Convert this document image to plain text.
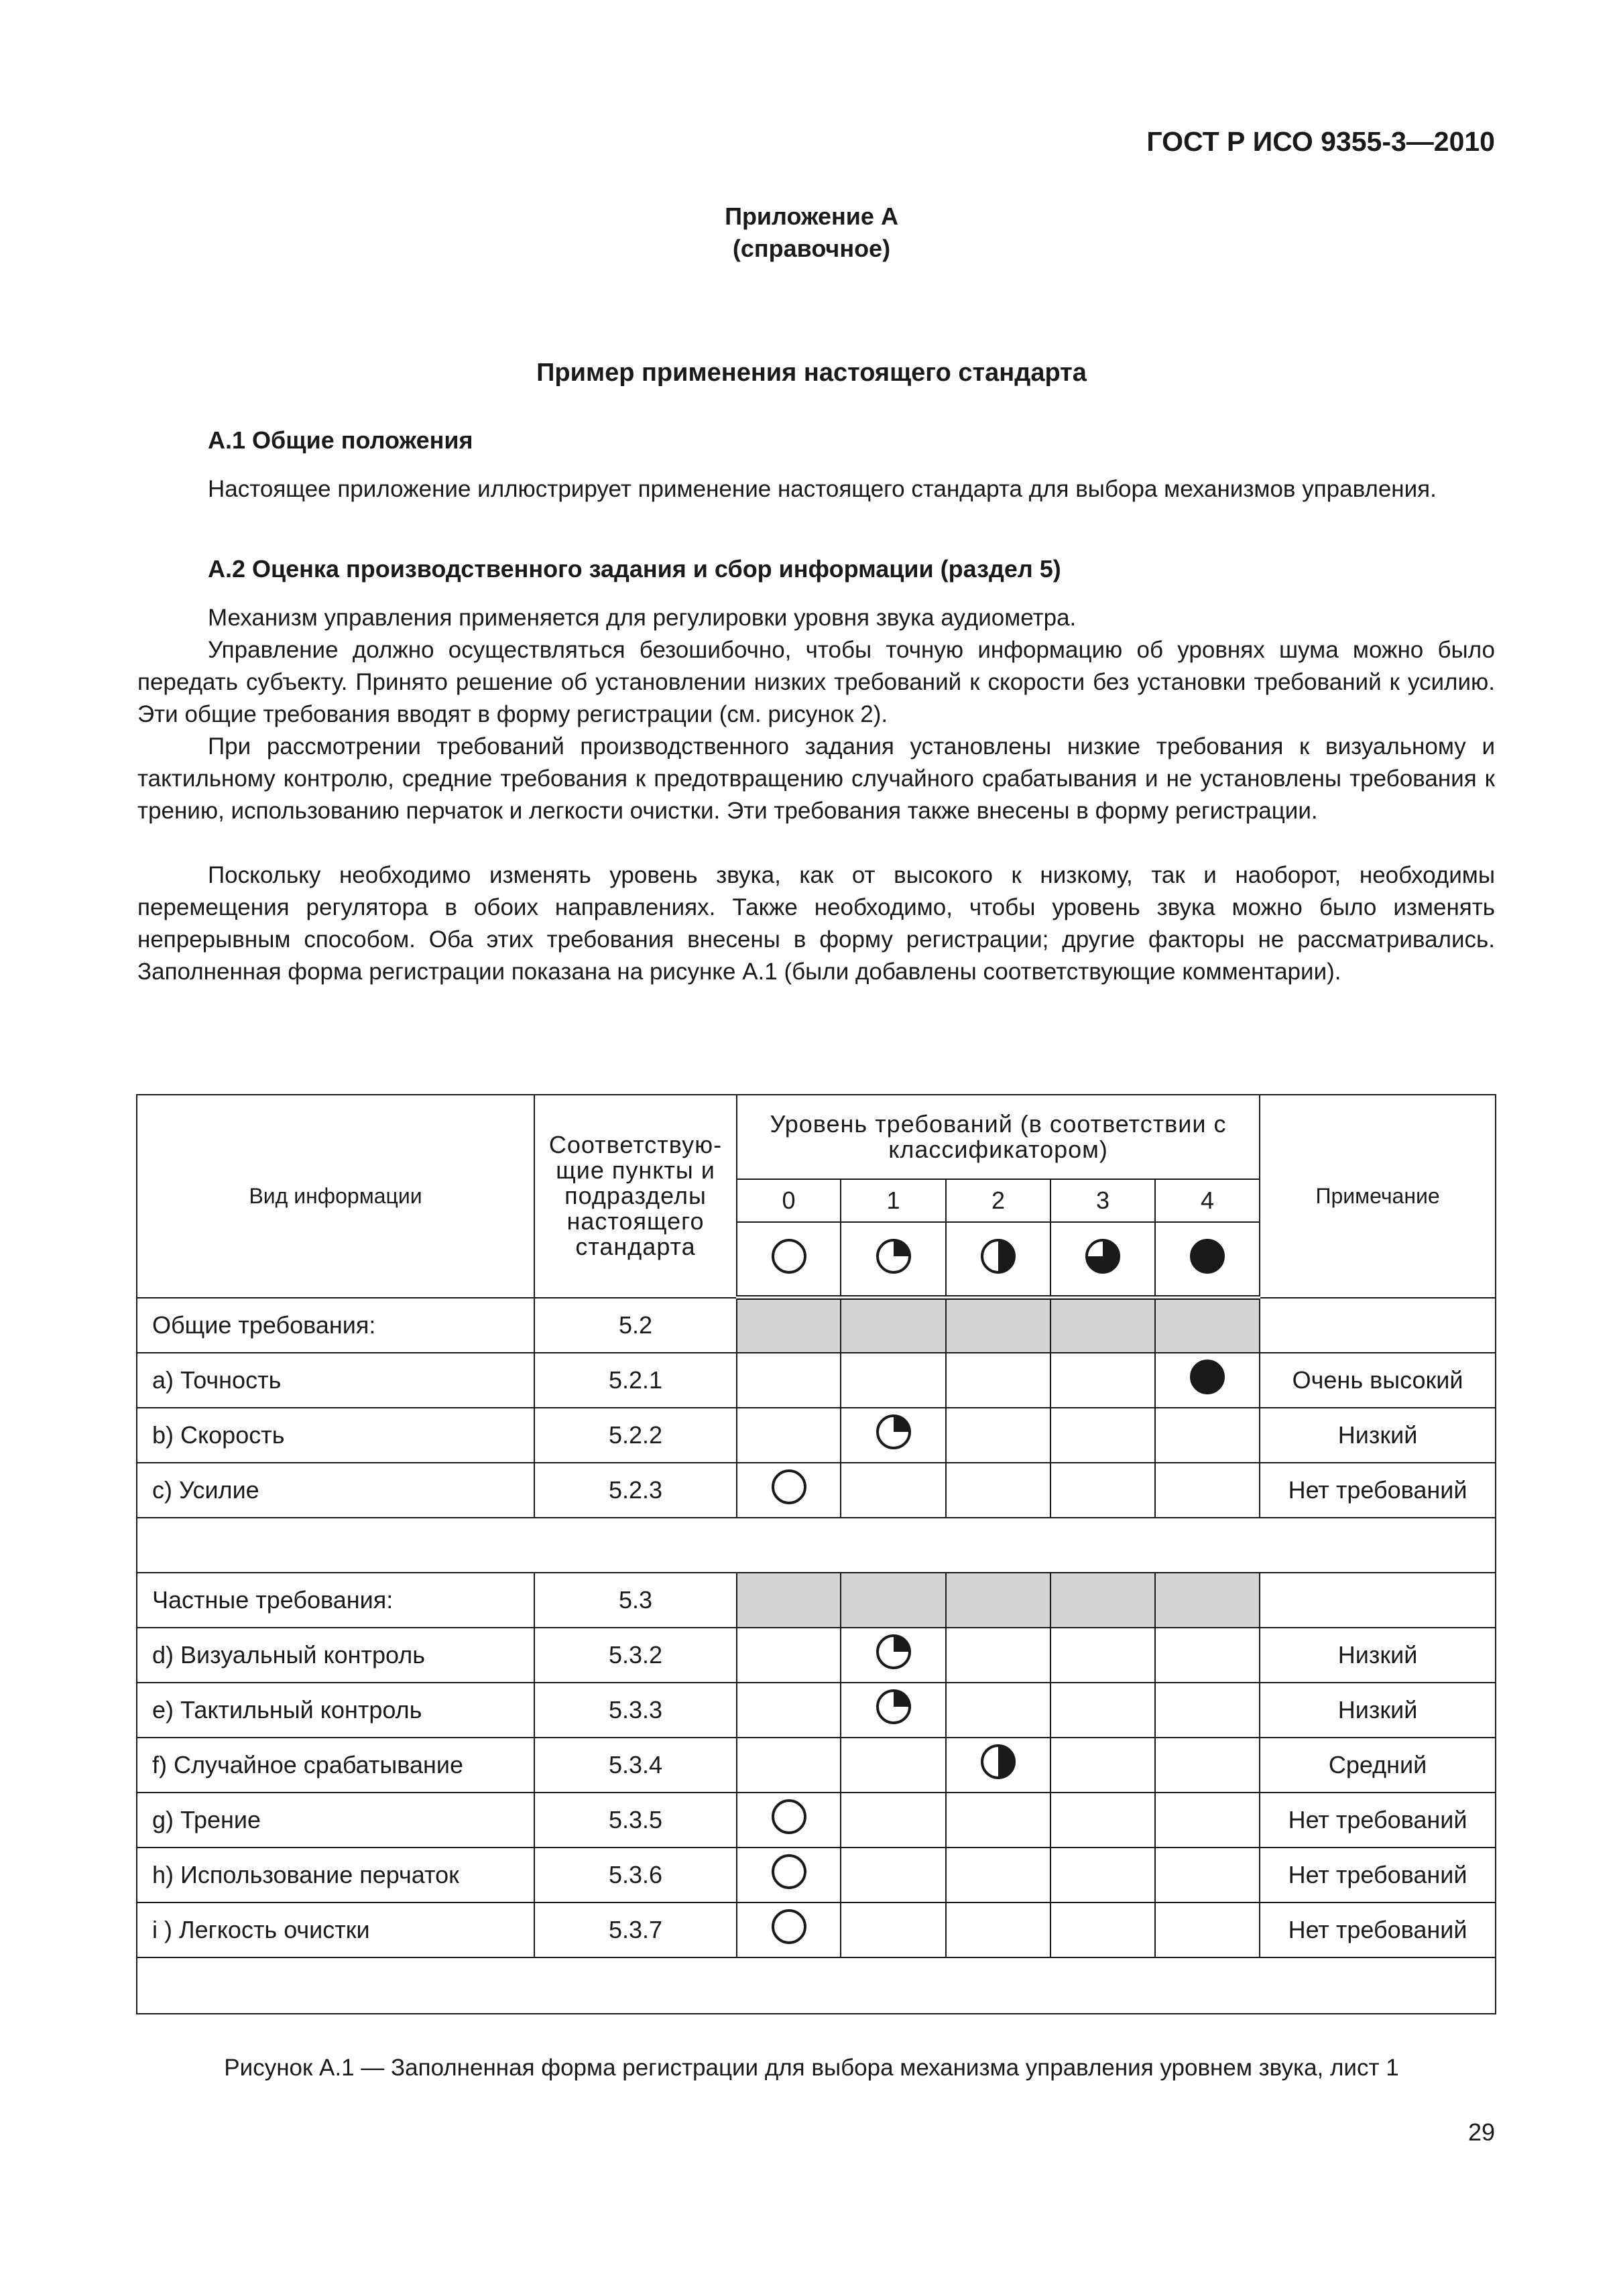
ГОСТ Р ИСО 9355-3—2010
Приложение А
(справочное)
Пример применения настоящего стандарта
А.1 Общие положения
Настоящее приложение иллюстрирует применение настоящего стандарта для выбора механизмов управления.
А.2 Оценка производственного задания и сбор информации (раздел 5)
Механизм управления применяется для регулировки уровня звука аудиометра.
Управление должно осуществляться безошибочно, чтобы точную информацию об уровнях шума можно было передать субъекту. Принято решение об установлении низких требований к скорости без установки требований к усилию. Эти общие требования вводят в форму регистрации (см. рисунок 2).
При рассмотрении требований производственного задания установлены низкие требования к визуальному и тактильному контролю, средние требования к предотвращению случайного срабатывания и не установлены требования к трению, использованию перчаток и легкости очистки. Эти требования также внесены в форму регистрации.
Поскольку необходимо изменять уровень звука, как от высокого к низкому, так и наоборот, необходимы перемещения регулятора в обоих направлениях. Также необходимо, чтобы уровень звука можно было изменять непрерывным способом. Оба этих требования внесены в форму регистрации; другие факторы не рассматривались. Заполненная форма регистрации показана на рисунке А.1 (были добавлены соответствующие комментарии).
Вид информации	Соответствую-щие пункты и подразделы настоящего стандарта	Уровень требований (в соответствии с классификатором)					Примечание
		0	1	2	3	4	

Общие требования:	5.2						
a) Точность	5.2.1						Очень высокий
b) Скорость	5.2.2						Низкий
c) Усилие	5.2.3						Нет требований

Частные требования:	5.3						
d) Визуальный контроль	5.3.2						Низкий
e) Тактильный контроль	5.3.3						Низкий
f) Случайное срабатывание	5.3.4						Средний
g) Трение	5.3.5						Нет требований
h) Использование перчаток	5.3.6						Нет требований
i ) Легкость очистки	5.3.7						Нет требований

Рисунок А.1 — Заполненная форма регистрации для выбора механизма управления уровнем звука, лист 1
29
